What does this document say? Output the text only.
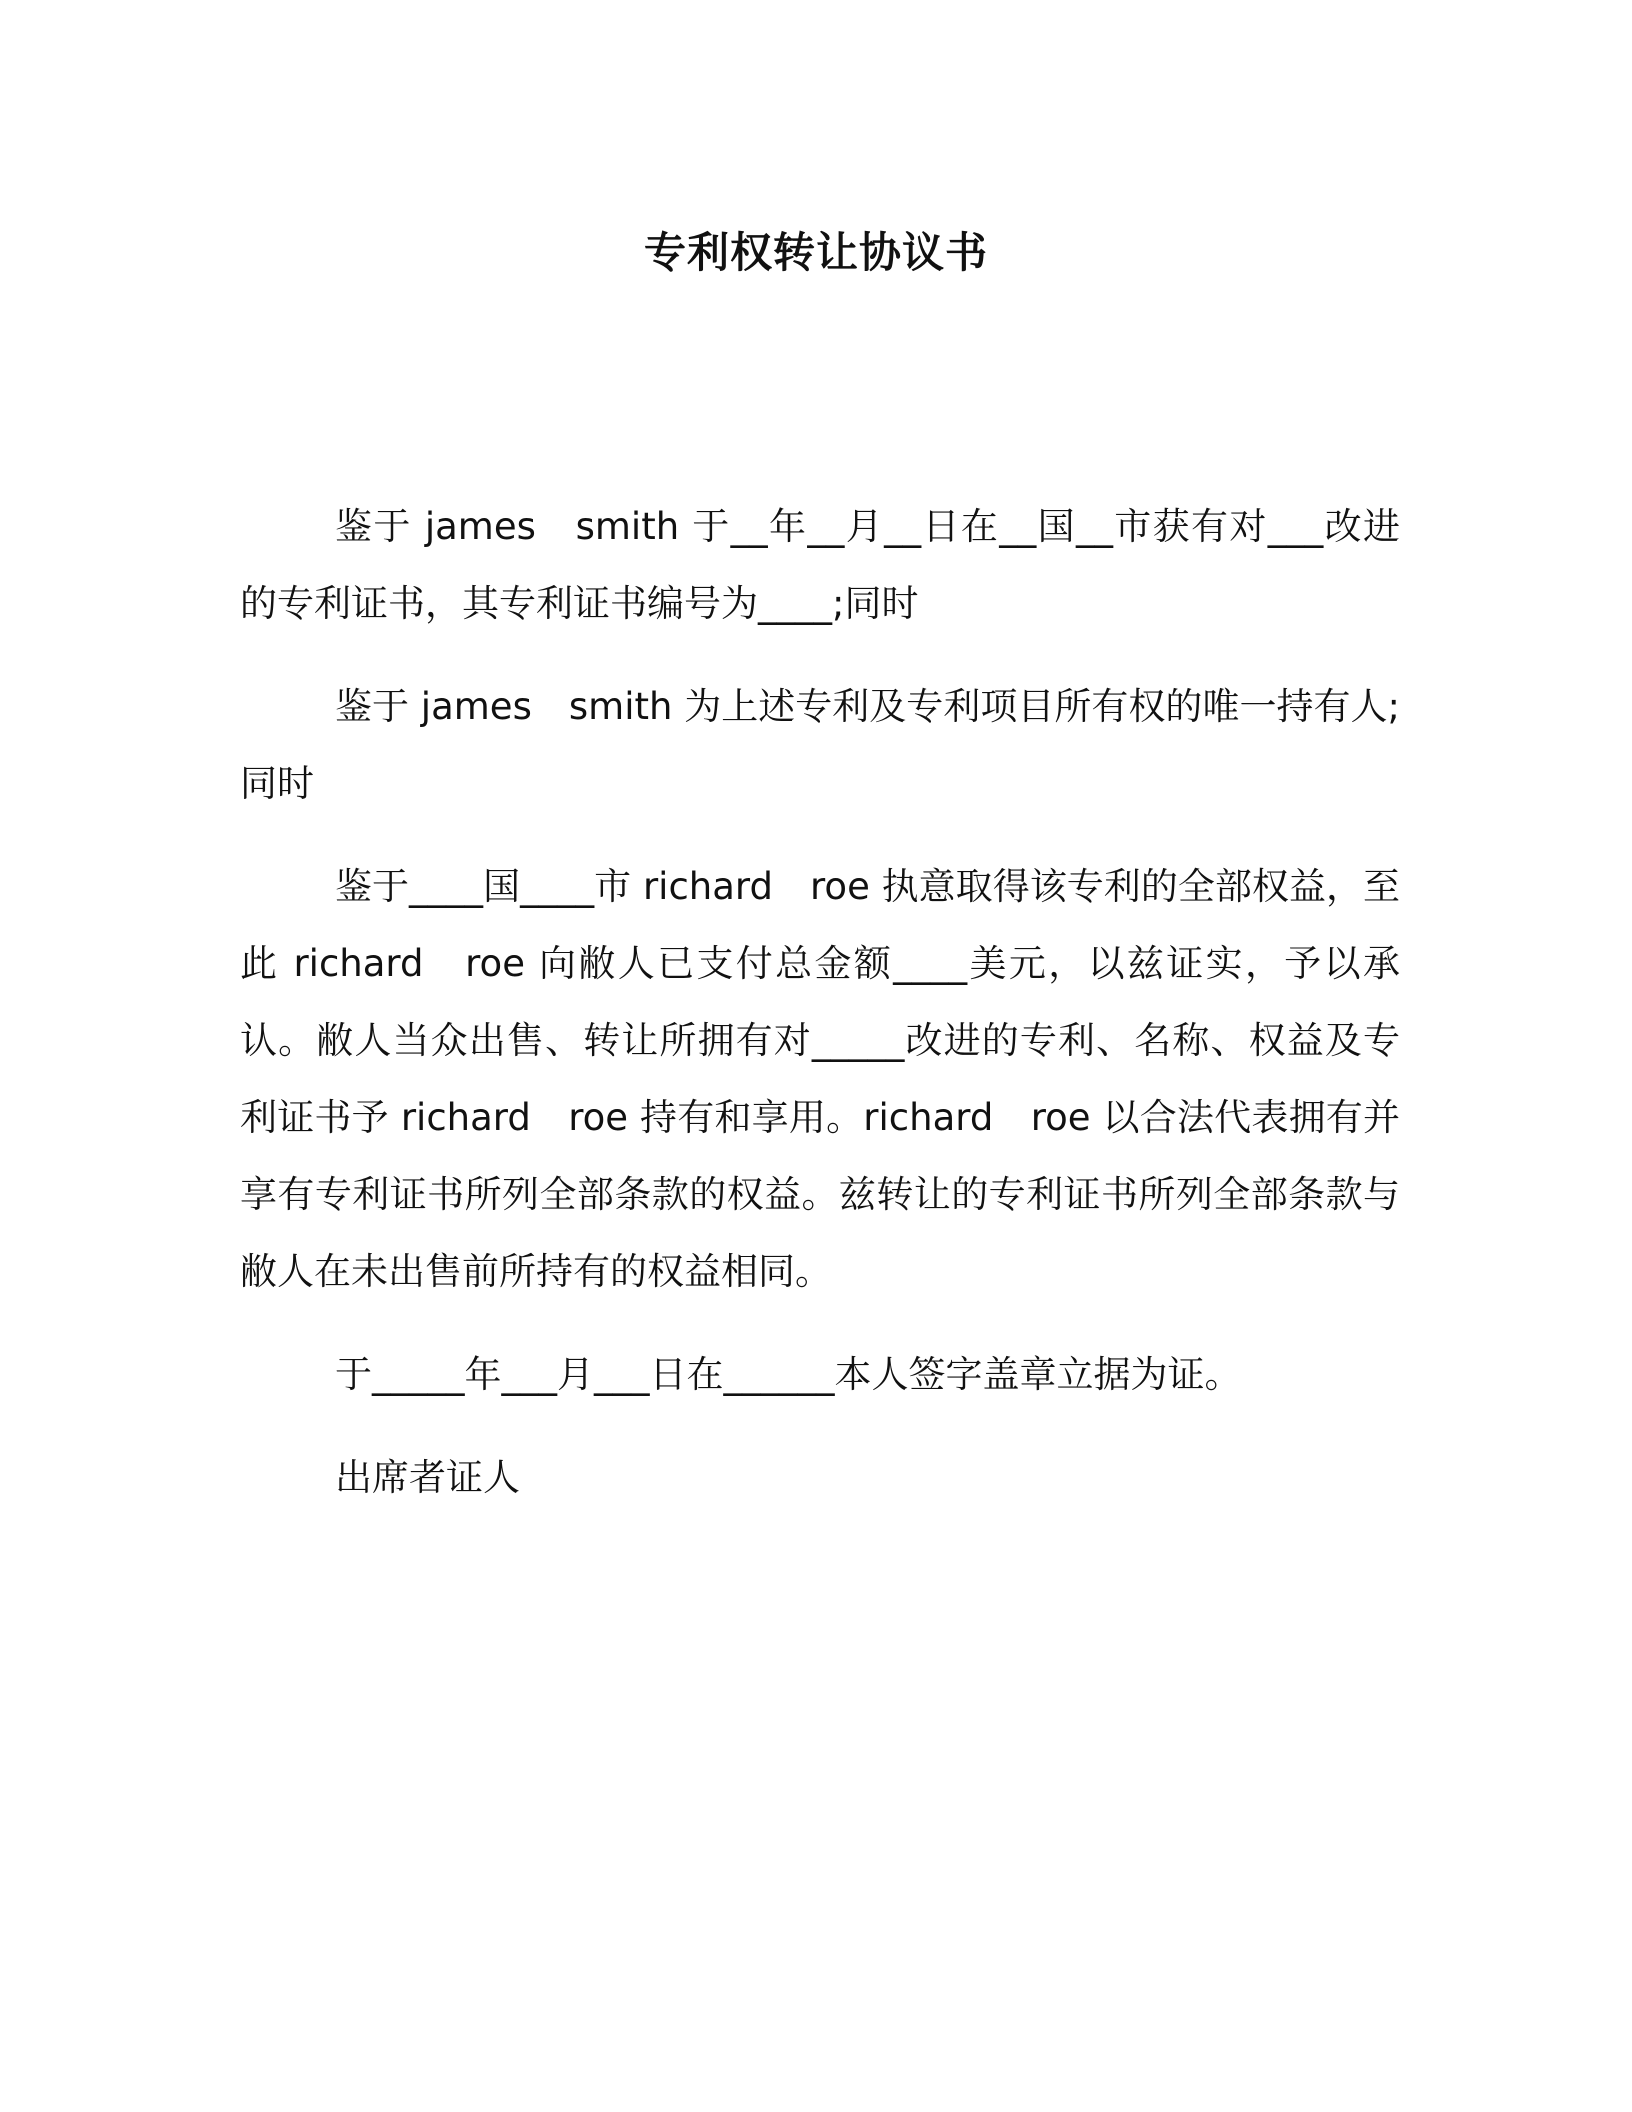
专利权转让协议书

鉴于 james　smith 于__年__月__日在__国__市获有对___改进的专利证书，其专利证书编号为____;同时

鉴于 james　smith 为上述专利及专利项目所有权的唯一持有人;同时

鉴于____国____市 richard　roe 执意取得该专利的全部权益，至此 richard　roe 向敝人已支付总金额____美元，以兹证实，予以承认。敝人当众出售、转让所拥有对_____改进的专利、名称、权益及专利证书予 richard　roe 持有和享用。richard　roe 以合法代表拥有并享有专利证书所列全部条款的权益。兹转让的专利证书所列全部条款与敝人在未出售前所持有的权益相同。

于_____年___月___日在______本人签字盖章立据为证。

出席者证人
